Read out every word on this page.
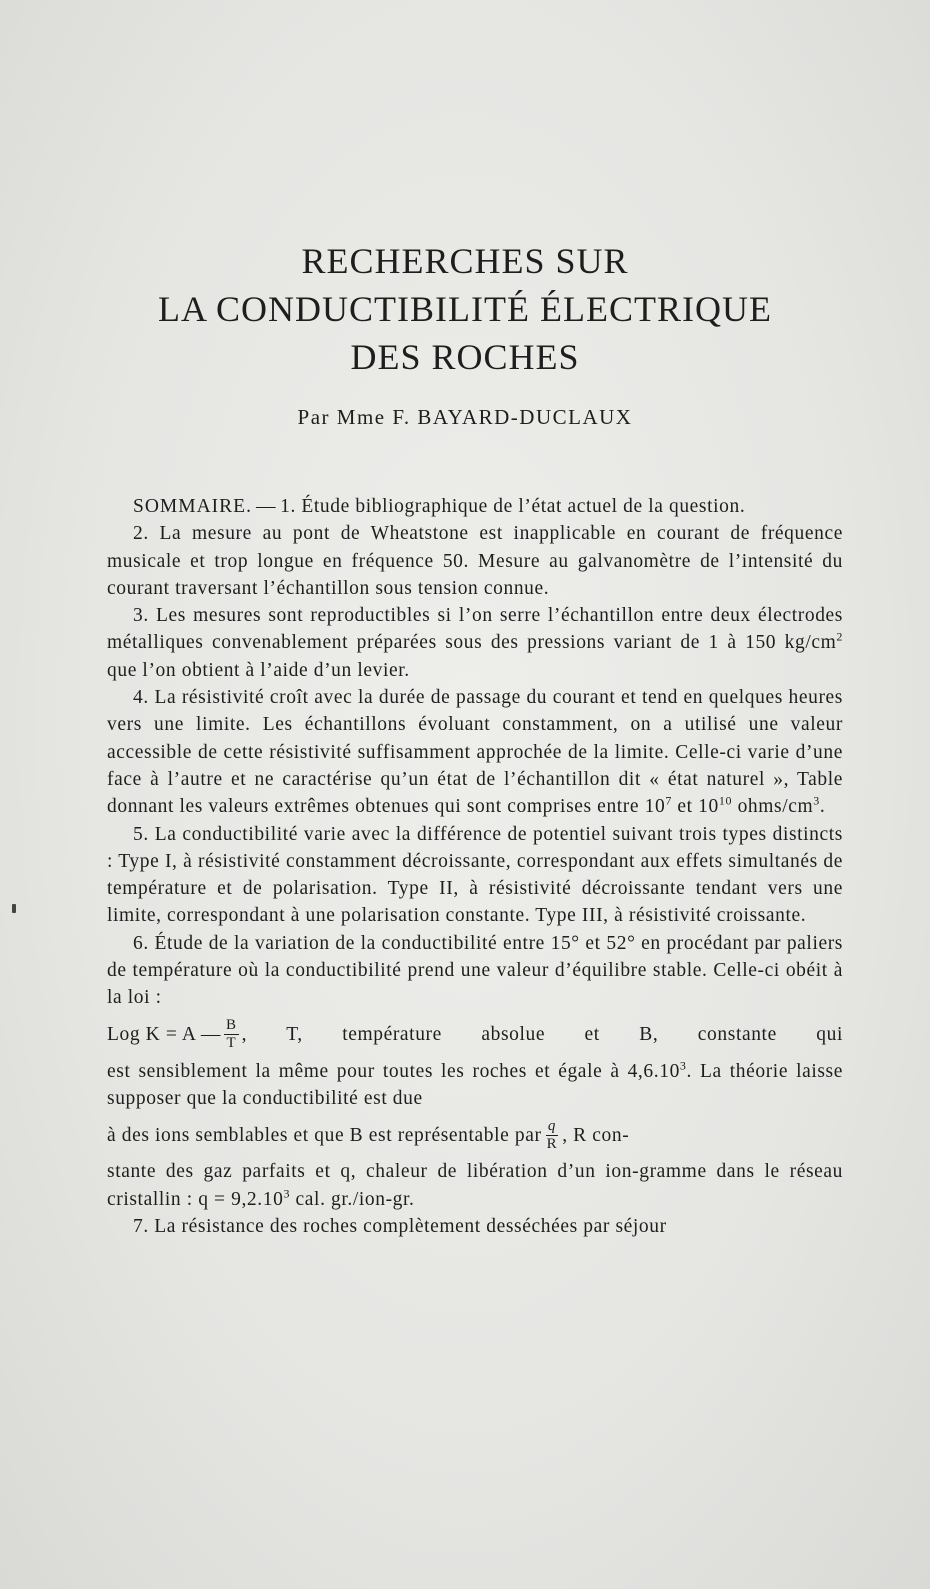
RECHERCHES SUR
LA CONDUCTIBILITÉ ÉLECTRIQUE
DES ROCHES
Par Mme F. BAYARD-DUCLAUX

SOMMAIRE. — 1. Étude bibliographique de l’état actuel de la question.

2. La mesure au pont de Wheatstone est inapplicable en courant de fréquence musicale et trop longue en fréquence 50. Mesure au galvanomètre de l’intensité du courant traversant l’échantillon sous tension connue.

3. Les mesures sont reproductibles si l’on serre l’échantillon entre deux électrodes métalliques convenablement préparées sous des pressions variant de 1 à 150 $kg/cm^2$ que l’on obtient à l’aide d’un levier.

4. La résistivité croît avec la durée de passage du courant et tend en quelques heures vers une limite. Les échantillons évoluant constamment, on a utilisé une valeur accessible de cette résistivité suffisamment approchée de la limite. Celle-ci varie d’une face à l’autre et ne caractérise qu’un état de l’échantillon dit « état naturel », Table donnant les valeurs extrêmes obtenues qui sont comprises entre $10^7$ et $10^{10}$ ohms/$cm^3$.

5. La conductibilité varie avec la différence de potentiel suivant trois types distincts : Type I, à résistivité constamment décroissante, correspondant aux effets simultanés de température et de polarisation. Type II, à résistivité décroissante tendant vers une limite, correspondant à une polarisation constante. Type III, à résistivité croissante.

6. Étude de la variation de la conductibilité entre 15° et 52° en procédant par paliers de température où la conductibilité prend une valeur d’équilibre stable. Celle-ci obéit à la loi :

Log K = A — $\frac{B}{T}$ , T, température absolue et B, constante qui

est sensiblement la même pour toutes les roches et égale à 4,6.10$^3$. La théorie laisse supposer que la conductibilité est due

à des ions semblables et que B est représentable par $\frac{q}{R}$ , R con-

stante des gaz parfaits et q, chaleur de libération d’un ion-gramme dans le réseau cristallin : $q = 9,2.10^3$ cal. gr./ion-gr.

7. La résistance des roches complètement desséchées par séjour
